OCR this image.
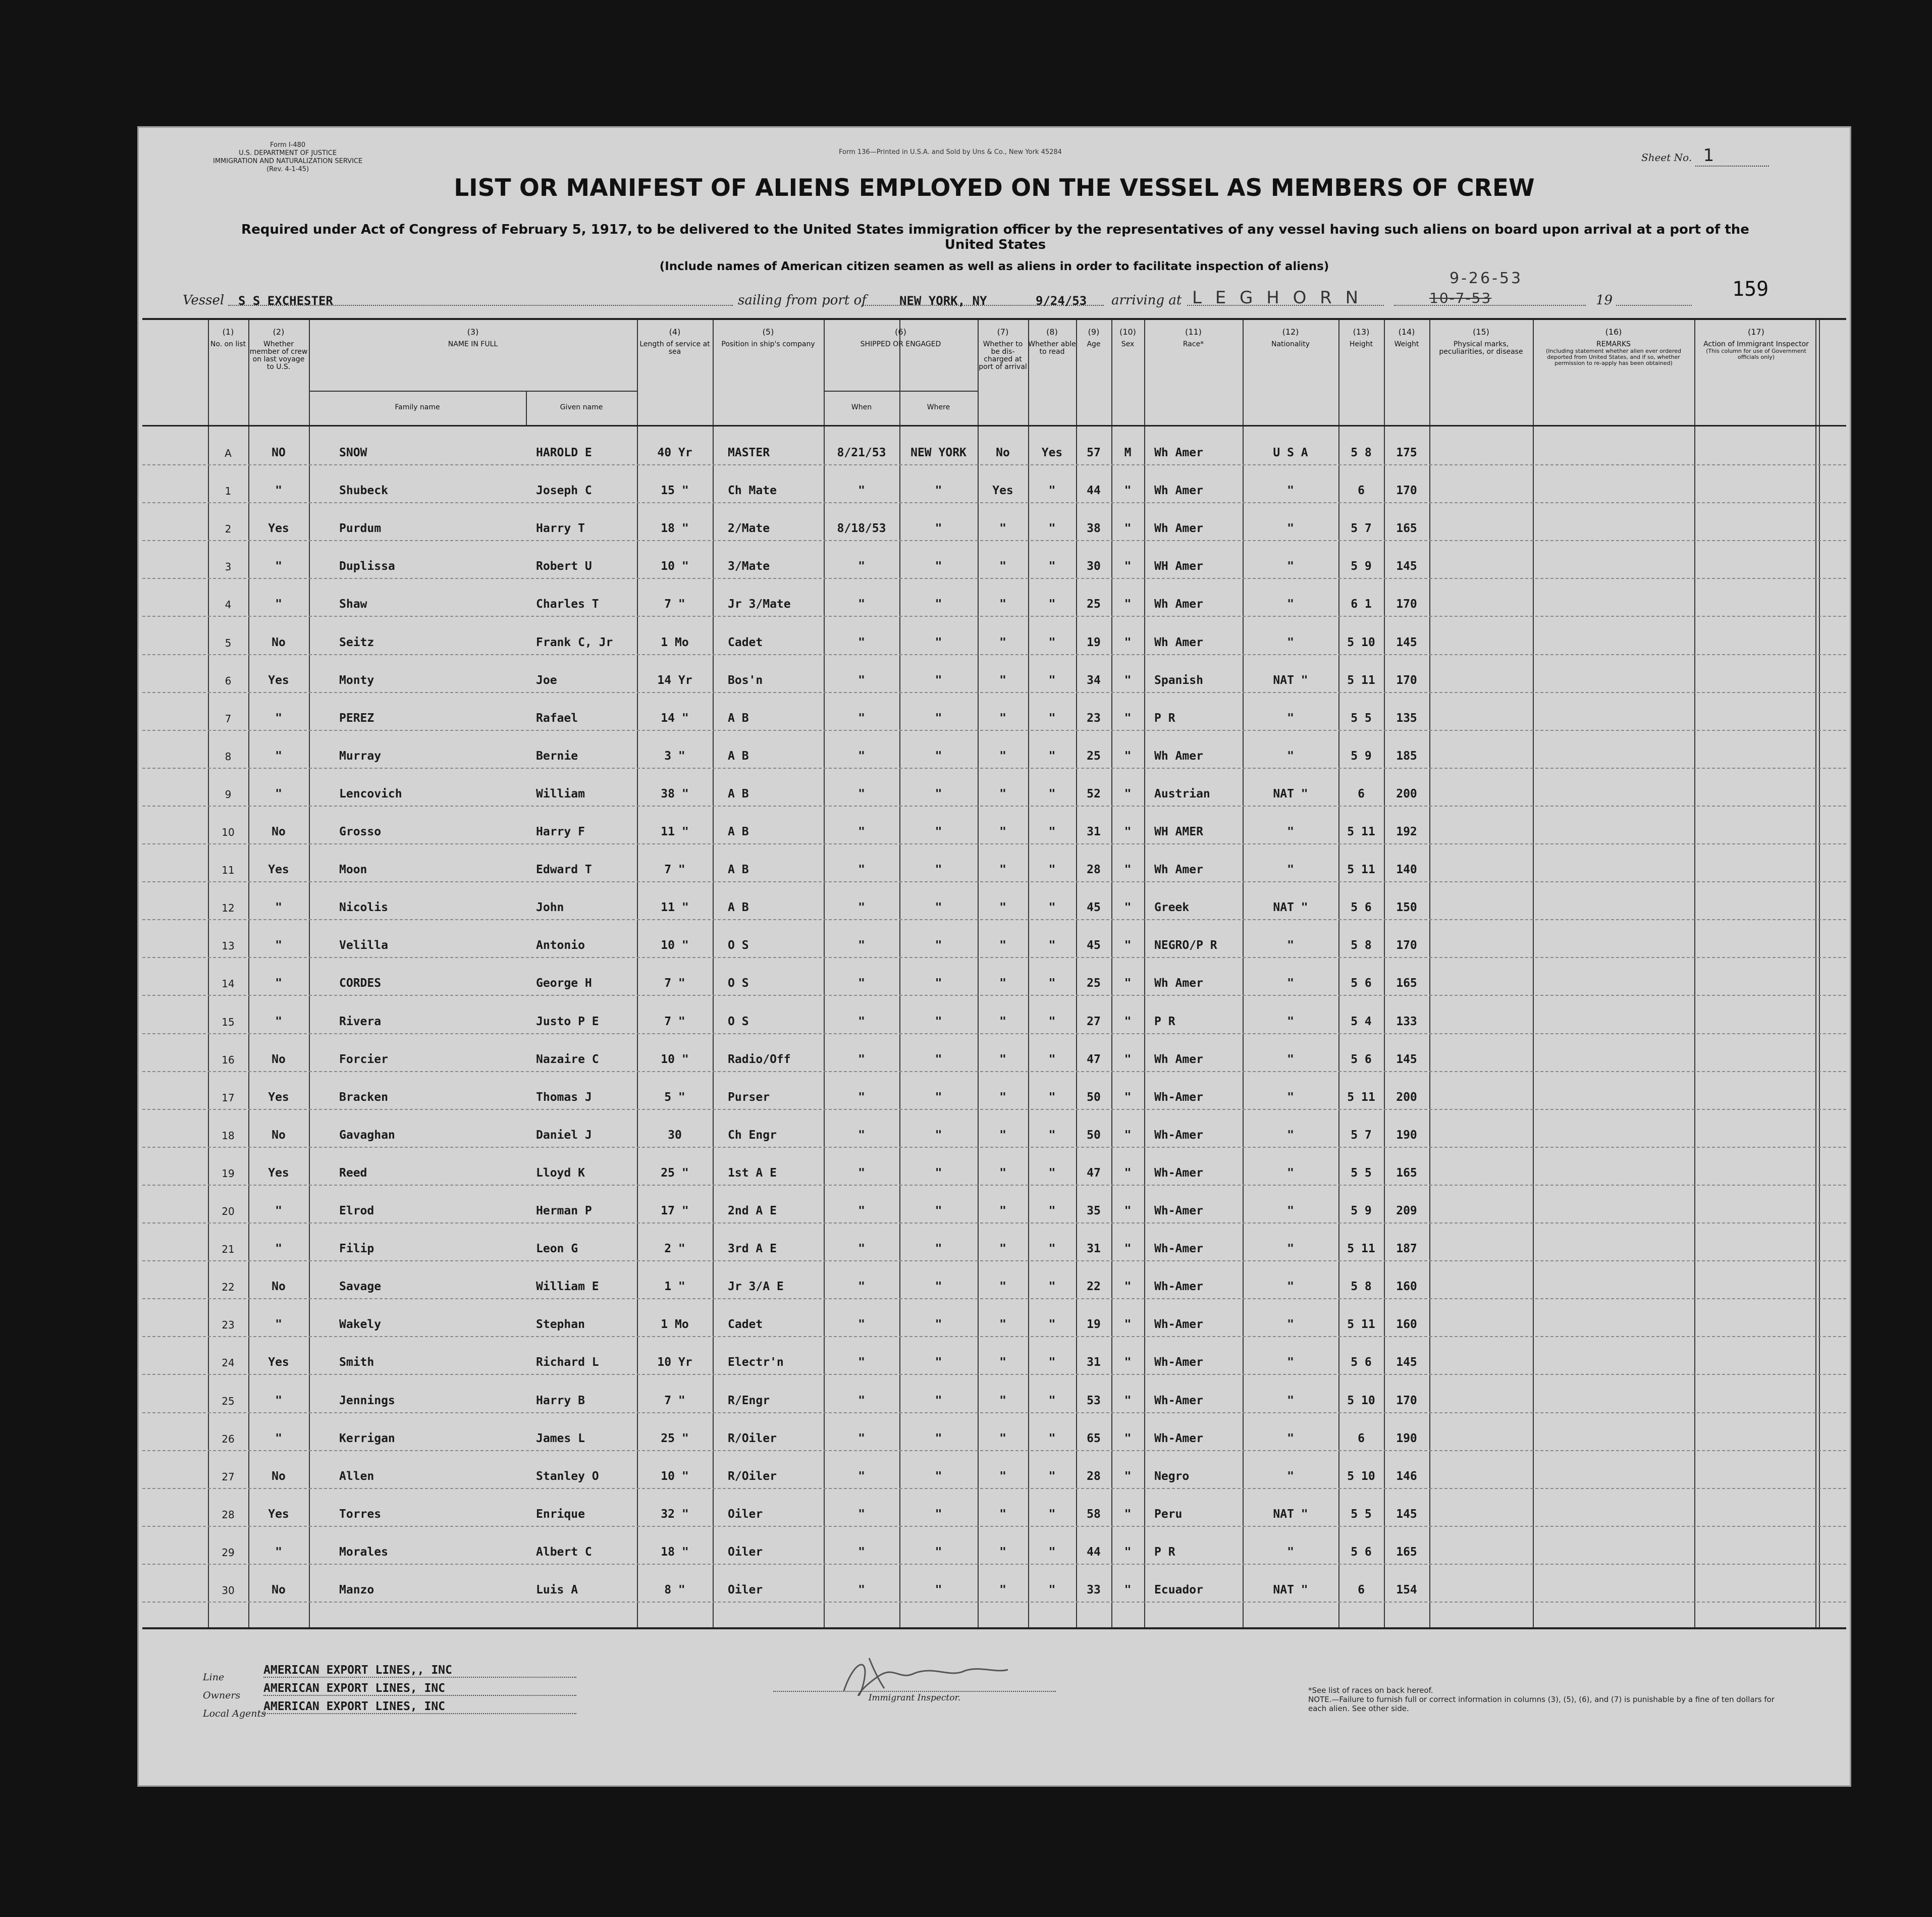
Form I-480
U.S. DEPARTMENT OF JUSTICE
IMMIGRATION AND NATURALIZATION SERVICE
(Rev. 4-1-45)
Form 136—Printed in U.S.A. and Sold by Uns & Co., New York 45284	Sheet No. 1
LIST OR MANIFEST OF ALIENS EMPLOYED ON THE VESSEL AS MEMBERS OF CREW
Required under Act of Congress of February 5, 1917, to be delivered to the United States immigration officer by the representatives of any vessel having such aliens on board upon arrival at a port of the United States
(Include names of American citizen seamen as well as aliens in order to facilitate inspection of aliens)
Vessel S S EXCHESTER	sailing from port of	NEW YORK, NY	9/24/53 arriving at L E G H O R N
9-26-53
10-7-53	19	159
(1)
No. on list
(2)
Whether member of crew on last voyage to U.S.
(3)
NAME IN FULL
Family name	Given name
(4)
Length of service at sea
(5)
Position in ship's company
(6)
SHIPPED OR ENGAGED
When	Where
(7)
Whether to be dis-charged at port of arrival
(8)
Whether able to read
(9)
Age
(10)
Sex
(11)
Race*
(12)
Nationality
(13)
Height
(14)
Weight
(15)
Physical marks, peculiarities, or disease
(16)
REMARKS

(Including statement whether alien ever ordered deported from United States, and if so, whether permission to re-apply has been obtained)
(17)
Action of Immigrant Inspector

(This column for use of Government officials only)
A	NO	SNOW	HAROLD E	40 Yr	MASTER	8/21/53	NEW YORK	No	Yes	57	M	Wh Amer	U S A	5 8	175
1	"	Shubeck	Joseph C	15 "	Ch Mate	"	"	Yes	"	44	"	Wh Amer	"	6	170
2	Yes	Purdum	Harry T	18 "	2/Mate	8/18/53	"	"	"	38	"	Wh Amer	"	5 7	165
3	"	Duplissa	Robert U	10 "	3/Mate	"	"	"	"	30	"	WH Amer	"	5 9	145
4	"	Shaw	Charles T	7 "	Jr 3/Mate	"	"	"	"	25	"	Wh Amer	"	6 1	170
5	No	Seitz	Frank C, Jr	1 Mo	Cadet	"	"	"	"	19	"	Wh Amer	"	5 10	145
6	Yes	Monty	Joe	14 Yr	Bos'n	"	"	"	"	34	"	Spanish	NAT "	5 11	170
7	"	PEREZ	Rafael	14 "	A B	"	"	"	"	23	"	P R	"	5 5	135
8	"	Murray	Bernie	3 "	A B	"	"	"	"	25	"	Wh Amer	"	5 9	185
9	"	Lencovich	William	38 "	A B	"	"	"	"	52	"	Austrian	NAT "	6	200
10	No	Grosso	Harry F	11 "	A B	"	"	"	"	31	"	WH AMER	"	5 11	192
11	Yes	Moon	Edward T	7 "	A B	"	"	"	"	28	"	Wh Amer	"	5 11	140
12	"	Nicolis	John	11 "	A B	"	"	"	"	45	"	Greek	NAT "	5 6	150
13	"	Velilla	Antonio	10 "	O S	"	"	"	"	45	"	NEGRO/P R	"	5 8	170
14	"	CORDES	George H	7 "	O S	"	"	"	"	25	"	Wh Amer	"	5 6	165
15	"	Rivera	Justo P E	7 "	O S	"	"	"	"	27	"	P R	"	5 4	133
16	No	Forcier	Nazaire C	10 "	Radio/Off	"	"	"	"	47	"	Wh Amer	"	5 6	145
17	Yes	Bracken	Thomas J	5 "	Purser	"	"	"	"	50	"	Wh-Amer	"	5 11	200
18	No	Gavaghan	Daniel J	30	Ch Engr	"	"	"	"	50	"	Wh-Amer	"	5 7	190
19	Yes	Reed	Lloyd K	25 "	1st A E	"	"	"	"	47	"	Wh-Amer	"	5 5	165
20	"	Elrod	Herman P	17 "	2nd A E	"	"	"	"	35	"	Wh-Amer	"	5 9	209
21	"	Filip	Leon G	2 "	3rd A E	"	"	"	"	31	"	Wh-Amer	"	5 11	187
22	No	Savage	William E	1 "	Jr 3/A E	"	"	"	"	22	"	Wh-Amer	"	5 8	160
23	"	Wakely	Stephan	1 Mo	Cadet	"	"	"	"	19	"	Wh-Amer	"	5 11	160
24	Yes	Smith	Richard L	10 Yr	Electr'n	"	"	"	"	31	"	Wh-Amer	"	5 6	145
25	"	Jennings	Harry B	7 "	R/Engr	"	"	"	"	53	"	Wh-Amer	"	5 10	170
26	"	Kerrigan	James L	25 "	R/Oiler	"	"	"	"	65	"	Wh-Amer	"	6	190
27	No	Allen	Stanley O	10 "	R/Oiler	"	"	"	"	28	"	Negro	"	5 10	146
28	Yes	Torres	Enrique	32 "	Oiler	"	"	"	"	58	"	Peru	NAT "	5 5	145
29	"	Morales	Albert C	18 "	Oiler	"	"	"	"	44	"	P R	"	5 6	165
30	No	Manzo	Luis A	8 "	Oiler	"	"	"	"	33	"	Ecuador	NAT "	6	154
Line
AMERICAN EXPORT LINES,, INC
Owners
AMERICAN EXPORT LINES, INC
Local Agents
AMERICAN EXPORT LINES, INC
Immigrant Inspector.
*See list of races on back hereof.
NOTE.—Failure to furnish full or correct information in columns (3), (5), (6), and (7) is punishable by a fine of ten dollars for each alien. See other side.
